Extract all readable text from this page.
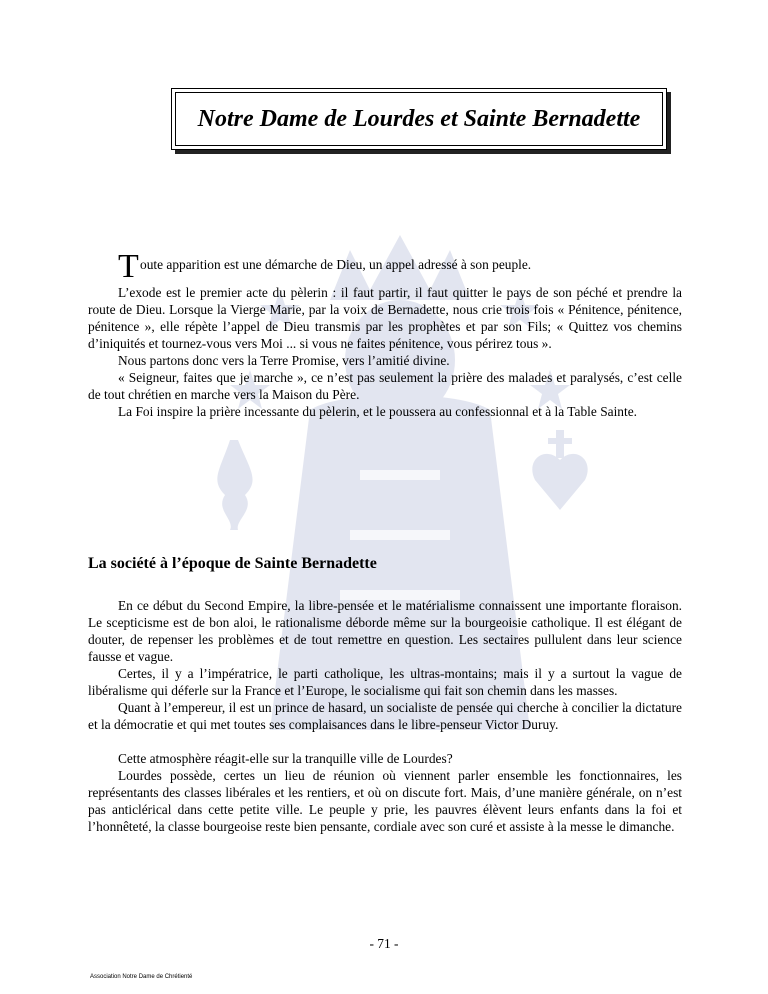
Notre Dame de Lourdes et Sainte Bernadette
T oute apparition est une démarche de Dieu, un appel adressé à son peuple.

L’exode est le premier acte du pèlerin : il faut partir, il faut quitter le pays de son péché et prendre la route de Dieu. Lorsque la Vierge Marie, par la voix de Bernadette, nous crie trois fois « Pénitence, pénitence, pénitence », elle répète l’appel de Dieu transmis par les prophètes et par son Fils; « Quittez vos chemins d’iniquités et tournez-vous vers Moi ... si vous ne faites pénitence, vous périrez tous ».

Nous partons donc vers la Terre Promise, vers l’amitié divine.

« Seigneur, faites que je marche », ce n’est pas seulement la prière des malades et paralysés, c’est celle de tout chrétien en marche vers la Maison du Père.

La Foi inspire la prière incessante du pèlerin, et le poussera au confessionnal et à la Table Sainte.

La société à l’époque de Sainte Bernadette

En ce début du Second Empire, la libre-pensée et le matérialisme connaissent une importante floraison. Le scepticisme est de bon aloi, le rationalisme déborde même sur la bourgeoisie catholique. Il est élégant de douter, de repenser les problèmes et de tout remettre en question. Les sectaires pullulent dans leur science fausse et vague.

Certes, il y a l’impératrice, le parti catholique, les ultras-montains; mais il y a surtout la vague de libéralisme qui déferle sur la France et l’Europe, le socialisme qui fait son chemin dans les masses.

Quant à l’empereur, il est un prince de hasard, un socialiste de pensée qui cherche à concilier la dictature et la démocratie et qui met toutes ses complaisances dans le libre-penseur Victor Duruy.

Cette atmosphère réagit-elle sur la tranquille ville de Lourdes?

Lourdes possède, certes un lieu de réunion où viennent parler ensemble les fonctionnaires, les représentants des classes libérales et les rentiers, et où on discute fort. Mais, d’une manière générale, on n’est pas anticlérical dans cette petite ville. Le peuple y prie, les pauvres élèvent leurs enfants dans la foi et l’honnêteté, la classe bourgeoise reste bien pensante, cordiale avec son curé et assiste à la messe le dimanche.

- 71 -
Association Notre Dame de Chrétienté
